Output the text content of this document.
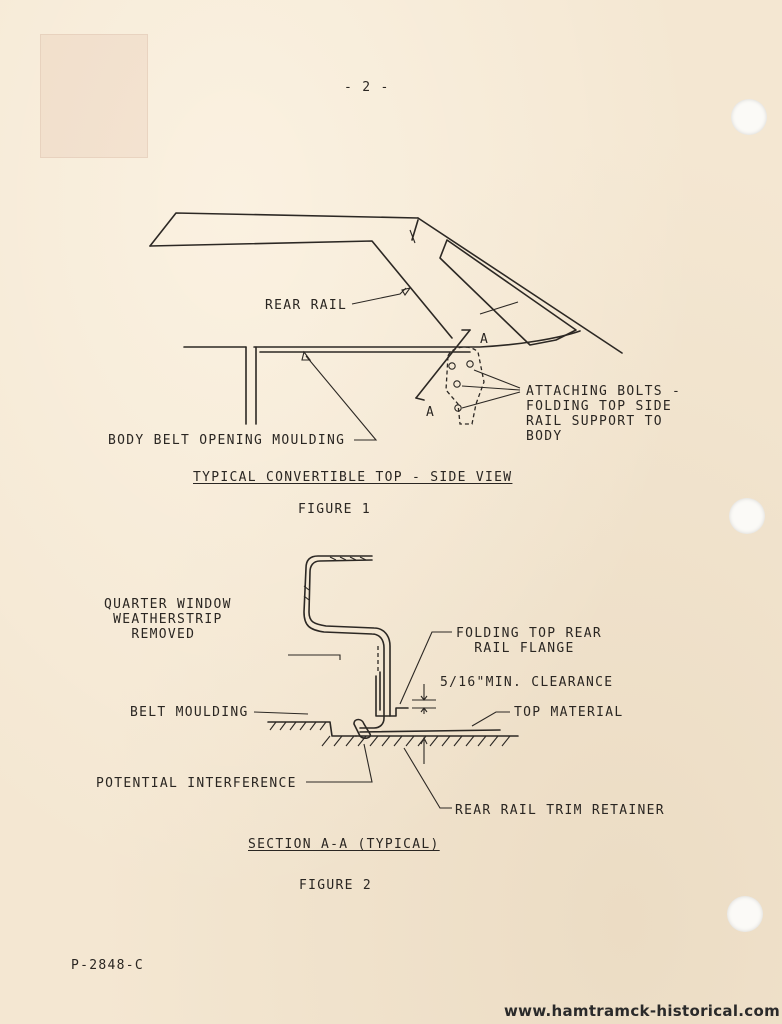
- 2 -
REAR RAIL
A
A
ATTACHING BOLTS -
FOLDING TOP SIDE
RAIL SUPPORT TO
BODY
BODY BELT OPENING MOULDING
TYPICAL CONVERTIBLE TOP - SIDE VIEW
FIGURE 1
QUARTER WINDOW
WEATHERSTRIP
REMOVED	FOLDING TOP REAR
RAIL FLANGE
5/16"MIN. CLEARANCE
BELT MOULDING	TOP MATERIAL
POTENTIAL INTERFERENCE
REAR RAIL TRIM RETAINER
SECTION A-A (TYPICAL)
FIGURE 2
P-2848-C
www.hamtramck-historical.com
